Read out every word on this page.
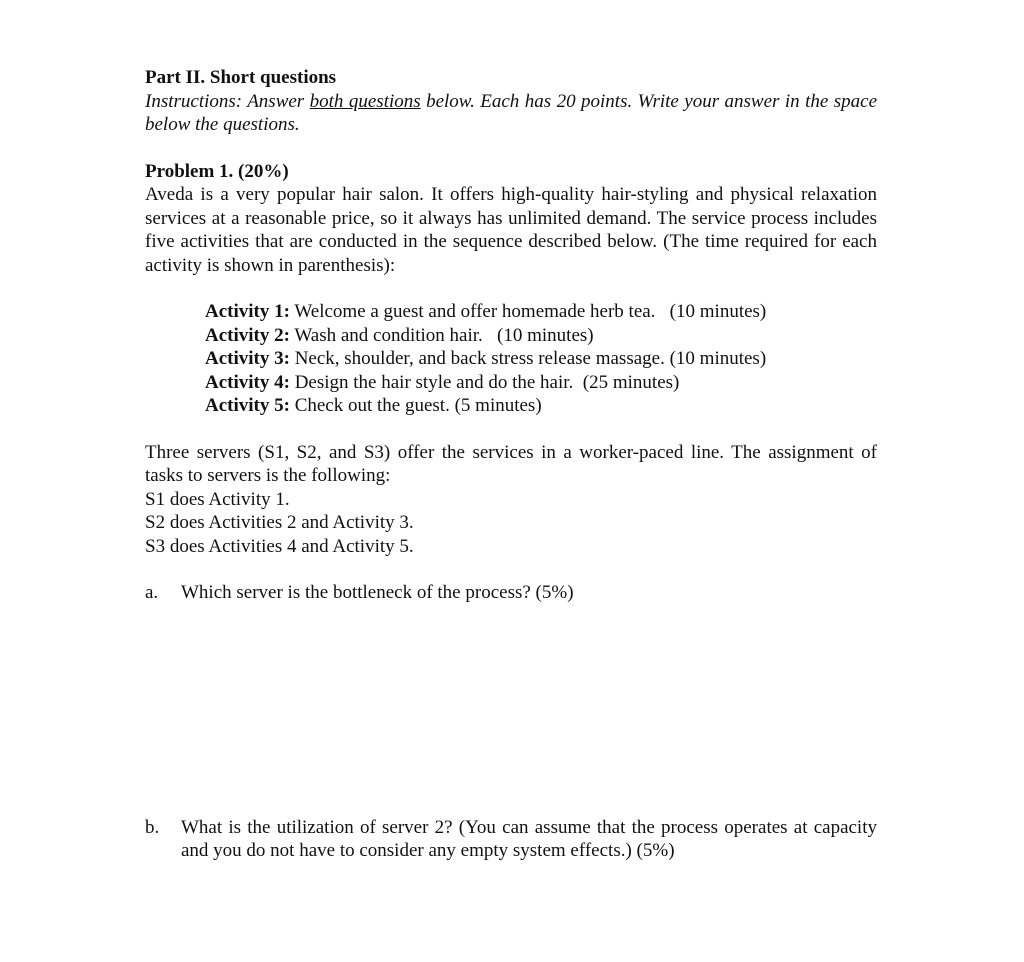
Part II. Short questions

Instructions: Answer both questions below. Each has 20 points. Write your answer in the space below the questions.

Problem 1. (20%)

Aveda is a very popular hair salon. It offers high-quality hair-styling and physical relaxation services at a reasonable price, so it always has unlimited demand. The service process includes five activities that are conducted in the sequence described below. (The time required for each activity is shown in parenthesis):

Activity 1: Welcome a guest and offer homemade herb tea.   (10 minutes)
Activity 2: Wash and condition hair.   (10 minutes)
Activity 3: Neck, shoulder, and back stress release massage. (10 minutes)
Activity 4: Design the hair style and do the hair.  (25 minutes)
Activity 5: Check out the guest. (5 minutes)

Three servers (S1, S2, and S3) offer the services in a worker-paced line. The assignment of tasks to servers is the following:

S1 does Activity 1.

S2 does Activities 2 and Activity 3.

S3 does Activities 4 and Activity 5.

a.	Which server is the bottleneck of the process? (5%)
b.	What is the utilization of server 2? (You can assume that the process operates at capacity and you do not have to consider any empty system effects.) (5%)
